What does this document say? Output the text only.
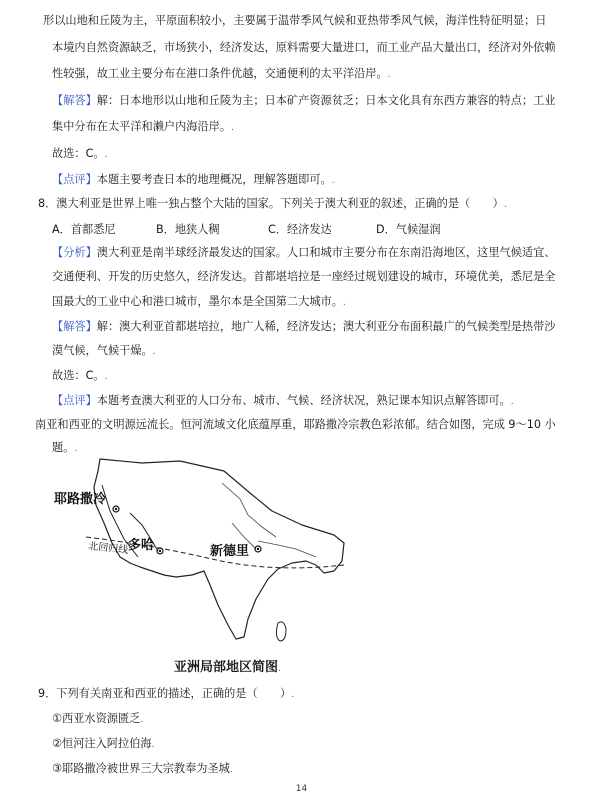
形以山地和丘陵为主，平原面积较小，主要属于温带季风气候和亚热带季风气候，海洋性特征明显；日
本境内自然资源缺乏，市场狭小，经济发达，原料需要大量进口，而工业产品大量出口，经济对外依赖
性较强，故工业主要分布在港口条件优越，交通便利的太平洋沿岸。.
【解答】解：日本地形以山地和丘陵为主；日本矿产资源贫乏；日本文化具有东西方兼容的特点；工业
集中分布在太平洋和濑户内海沿岸。.
故选：C。.
【点评】本题主要考查日本的地理概况，理解答题即可。.
8．澳大利亚是世界上唯一独占整个大陆的国家。下列关于澳大利亚的叙述，正确的是（　　）.
A．首都悉尼	B．地狭人稠	C．经济发达	D．气候湿润
【分析】澳大利亚是南半球经济最发达的国家。人口和城市主要分布在东南沿海地区，这里气候适宜、
交通便利、开发的历史悠久，经济发达。首都堪培拉是一座经过规划建设的城市，环境优美，悉尼是全
国最大的工业中心和港口城市，墨尔本是全国第二大城市。.
【解答】解：澳大利亚首都堪培拉，地广人稀，经济发达；澳大利亚分布面积最广的气候类型是热带沙
漠气候，气候干燥。.
故选：C。.
【点评】本题考查澳大利亚的人口分布、城市、气候、经济状况，熟记课本知识点解答即可。.
南亚和西亚的文明源远流长。恒河流域文化底蕴厚重，耶路撒冷宗教色彩浓郁。结合如图，完成 9～10 小
题。.
耶路撒冷
多哈	新德里
北回归线
亚洲局部地区简图.
9．下列有关南亚和西亚的描述，正确的是（　　）.
①西亚水资源匮乏.
②恒河注入阿拉伯海.
③耶路撒冷被世界三大宗教奉为圣城.
14
